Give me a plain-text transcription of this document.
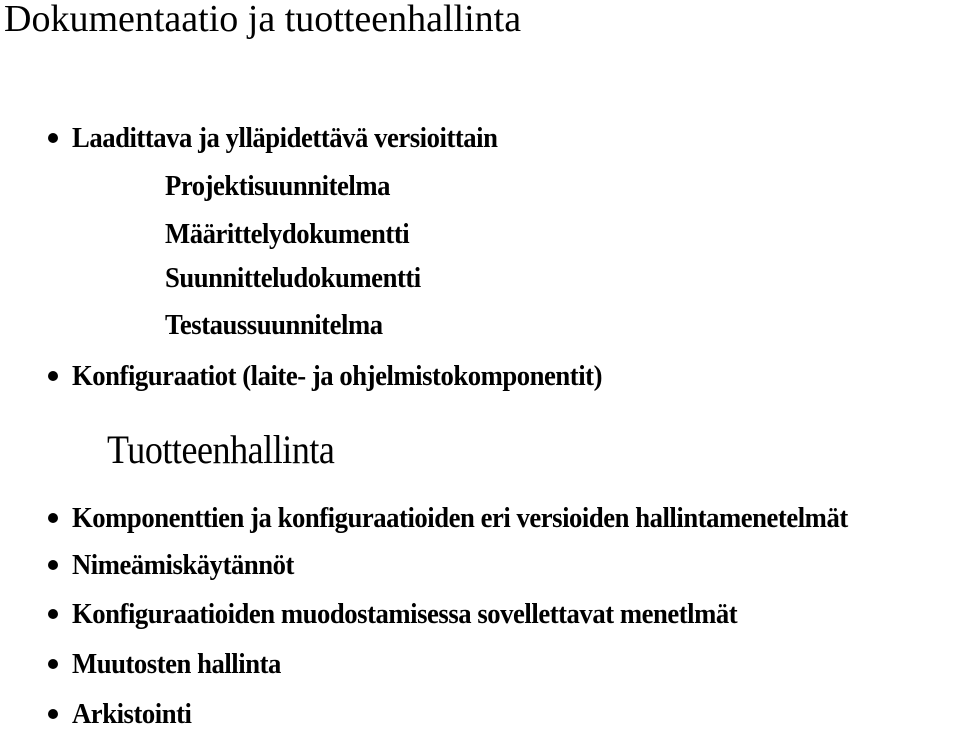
Dokumentaatio ja tuotteenhallinta
Laadittava ja ylläpidettävä versioittain
Projektisuunnitelma
Määrittelydokumentti
Suunnitteludokumentti
Testaussuunnitelma
Konfiguraatiot (laite- ja ohjelmistokomponentit)
Tuotteenhallinta
Komponenttien ja konfiguraatioiden eri versioiden hallintamenetelmät
Nimeämiskäytännöt
Konfiguraatioiden muodostamisessa sovellettavat menetlmät
Muutosten hallinta
Arkistointi
